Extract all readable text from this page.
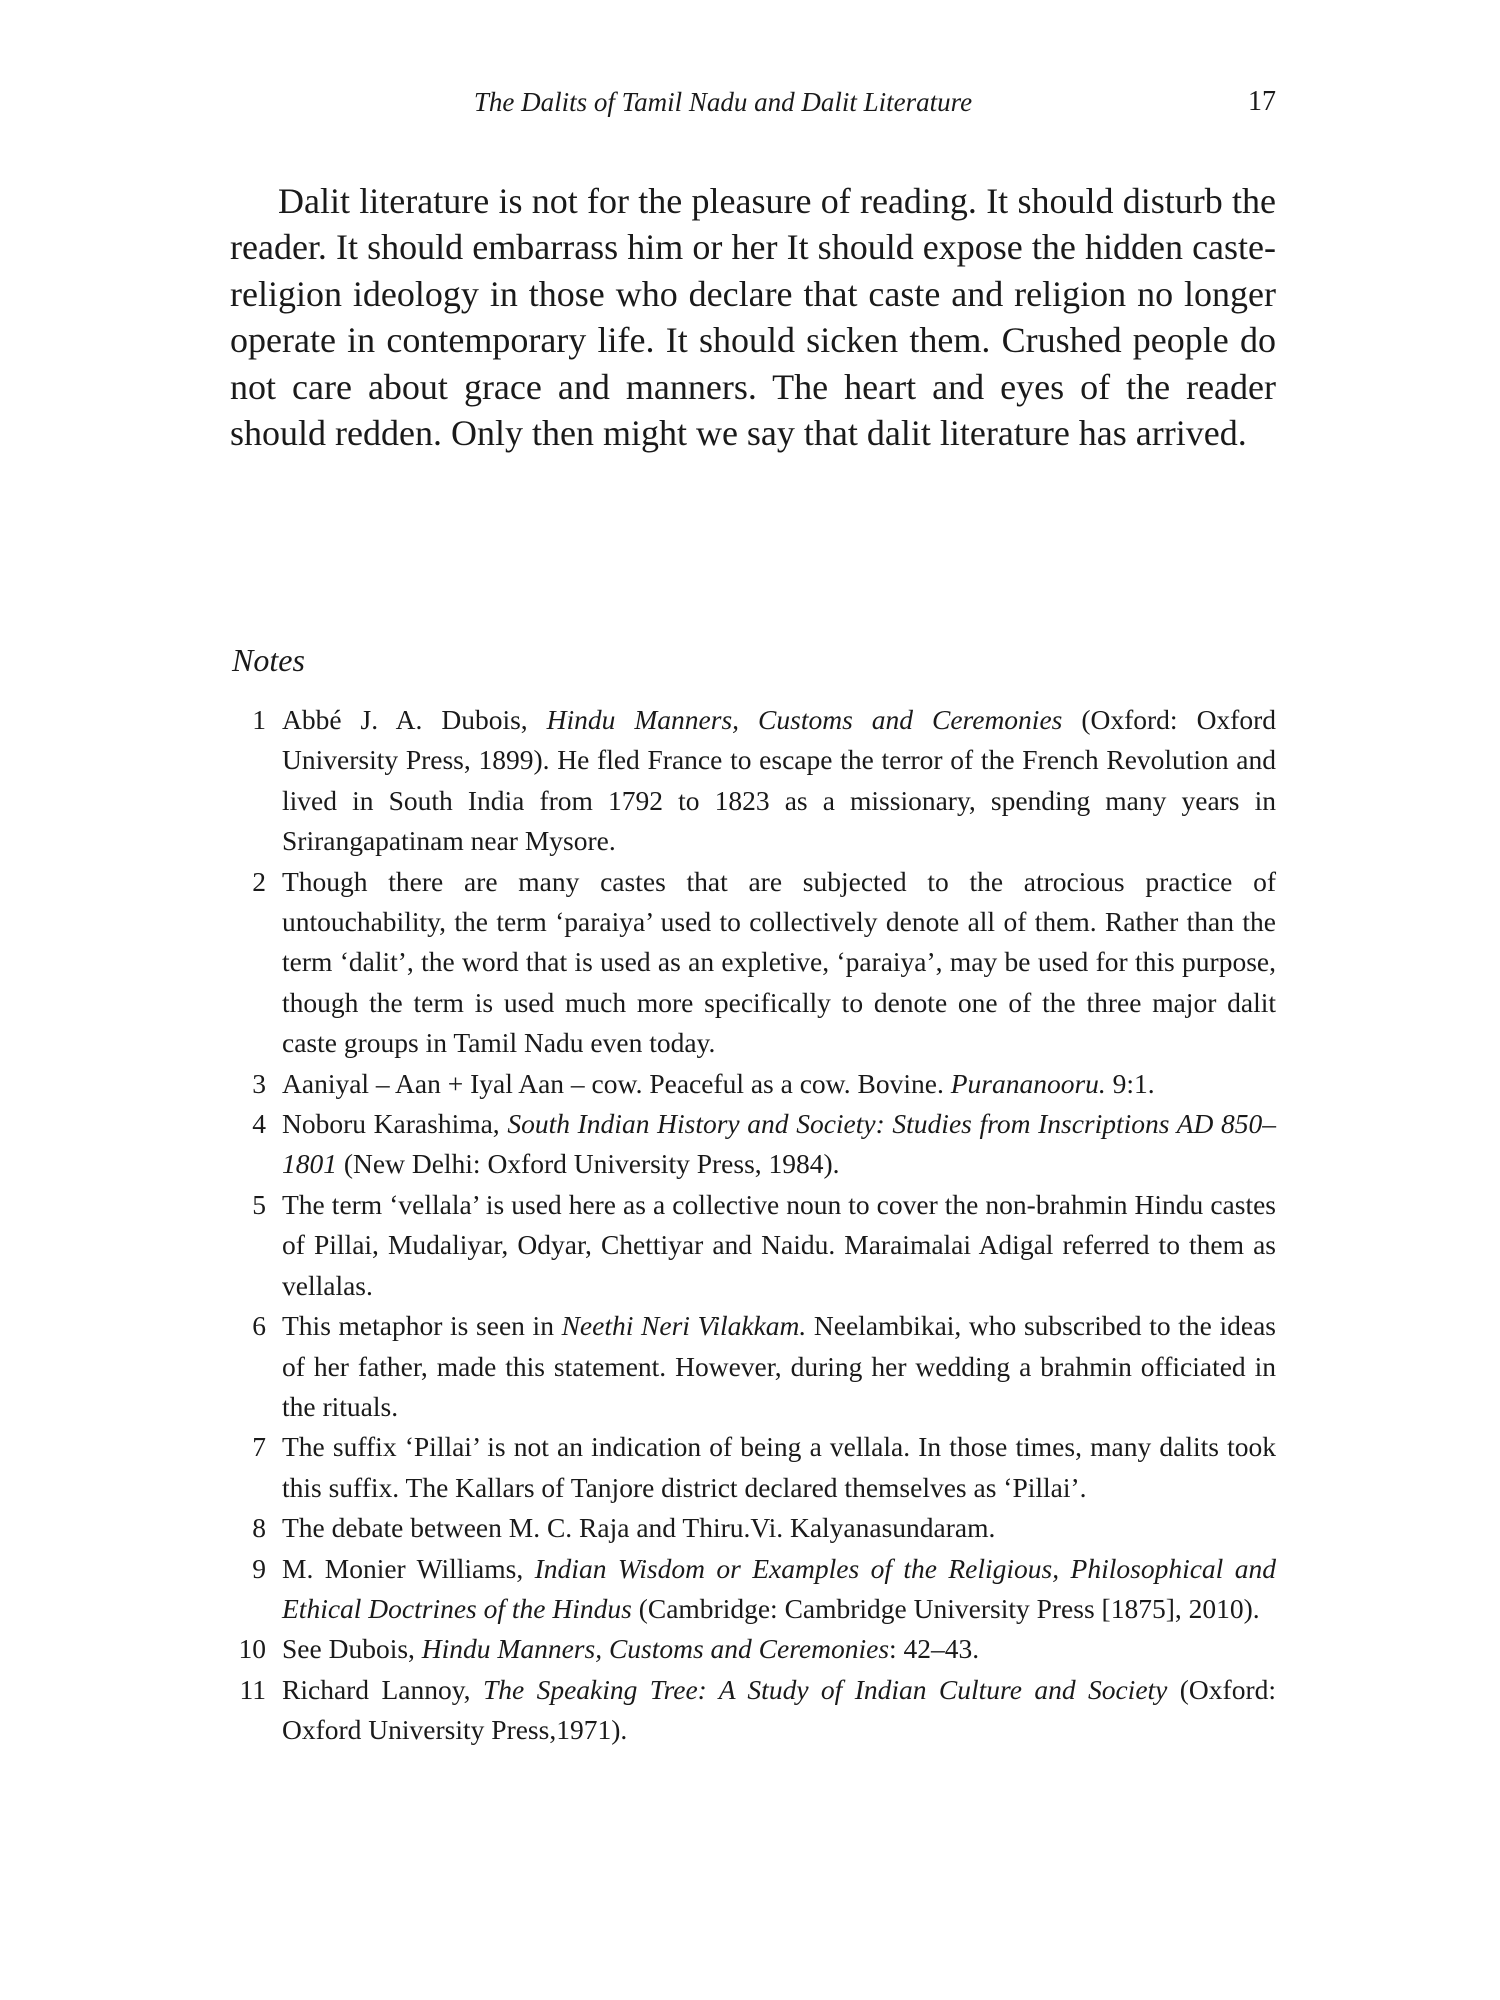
The Dalits of Tamil Nadu and Dalit Literature	17

Dalit literature is not for the pleasure of reading. It should disturb the reader. It should embarrass him or her It should expose the hidden caste-religion ideology in those who declare that caste and religion no longer operate in contemporary life. It should sicken them. Crushed people do not care about grace and manners. The heart and eyes of the reader should redden. Only then might we say that dalit literature has arrived.

Notes
1 Abbé J. A. Dubois, Hindu Manners, Customs and Ceremonies (Oxford: Oxford University Press, 1899). He fled France to escape the terror of the French Revolution and lived in South India from 1792 to 1823 as a missionary, spending many years in Srirangapatinam near Mysore.
2 Though there are many castes that are subjected to the atrocious practice of untouchability, the term ‘paraiya’ used to collectively denote all of them. Rather than the term ‘dalit’, the word that is used as an expletive, ‘paraiya’, may be used for this purpose, though the term is used much more specifically to denote one of the three major dalit caste groups in Tamil Nadu even today.
3 Aaniyal – Aan + Iyal Aan – cow. Peaceful as a cow. Bovine. Purananooru. 9:1.
4 Noboru Karashima, South Indian History and Society: Studies from Inscriptions AD 850–1801 (New Delhi: Oxford University Press, 1984).
5 The term ‘vellala’ is used here as a collective noun to cover the non-brahmin Hindu castes of Pillai, Mudaliyar, Odyar, Chettiyar and Naidu. Maraimalai Adigal referred to them as vellalas.
6 This metaphor is seen in Neethi Neri Vilakkam. Neelambikai, who subscribed to the ideas of her father, made this statement. However, during her wedding a brahmin officiated in the rituals.
7 The suffix ‘Pillai’ is not an indication of being a vellala. In those times, many dalits took this suffix. The Kallars of Tanjore district declared themselves as ‘Pillai’.
8 The debate between M. C. Raja and Thiru.Vi. Kalyanasundaram.
9 M. Monier Williams, Indian Wisdom or Examples of the Religious, Philosophical and Ethical Doctrines of the Hindus (Cambridge: Cambridge University Press [1875], 2010).
10 See Dubois, Hindu Manners, Customs and Ceremonies: 42–43.
11 Richard Lannoy, The Speaking Tree: A Study of Indian Culture and Society (Oxford: Oxford University Press,1971).
